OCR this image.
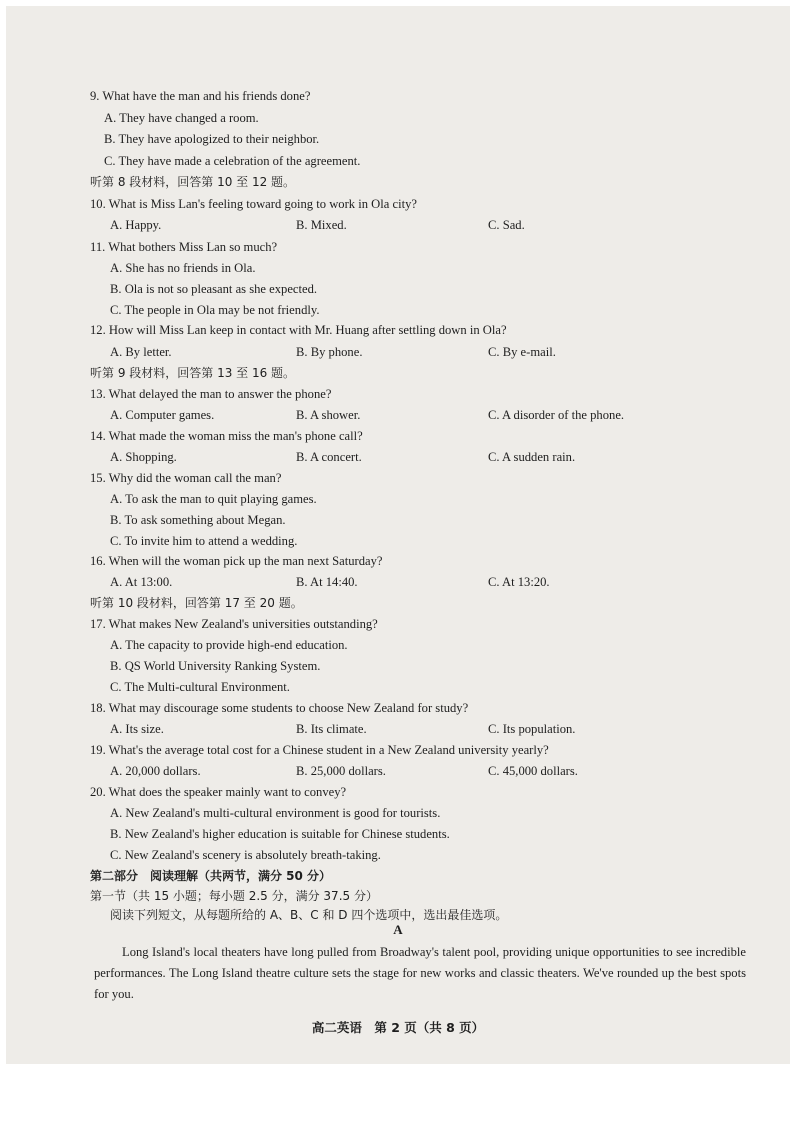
9. What have the man and his friends done?
A. They have changed a room.
B. They have apologized to their neighbor.
C. They have made a celebration of the agreement.
听第 8 段材料，回答第 10 至 12 题。
10. What is Miss Lan's feeling toward going to work in Ola city?
A. Happy.	B. Mixed.	C. Sad.
11. What bothers Miss Lan so much?
A. She has no friends in Ola.
B. Ola is not so pleasant as she expected.
C. The people in Ola may be not friendly.
12. How will Miss Lan keep in contact with Mr. Huang after settling down in Ola?
A. By letter.	B. By phone.	C. By e-mail.
听第 9 段材料，回答第 13 至 16 题。
13. What delayed the man to answer the phone?
A. Computer games.	B. A shower.	C. A disorder of the phone.
14. What made the woman miss the man's phone call?
A. Shopping.	B. A concert.	C. A sudden rain.
15. Why did the woman call the man?
A. To ask the man to quit playing games.
B. To ask something about Megan.
C. To invite him to attend a wedding.
16. When will the woman pick up the man next Saturday?
A. At 13:00.	B. At 14:40.	C. At 13:20.
听第 10 段材料，回答第 17 至 20 题。
17. What makes New Zealand's universities outstanding?
A. The capacity to provide high-end education.
B. QS World University Ranking System.
C. The Multi-cultural Environment.
18. What may discourage some students to choose New Zealand for study?
A. Its size.	B. Its climate.	C. Its population.
19. What's the average total cost for a Chinese student in a New Zealand university yearly?
A. 20,000 dollars.	B. 25,000 dollars.	C. 45,000 dollars.
20. What does the speaker mainly want to convey?
A. New Zealand's multi-cultural environment is good for tourists.
B. New Zealand's higher education is suitable for Chinese students.
C. New Zealand's scenery is absolutely breath-taking.
第二部分　阅读理解（共两节，满分 50 分）
第一节（共 15 小题；每小题 2.5 分，满分 37.5 分）
阅读下列短文，从每题所给的 A、B、C 和 D 四个选项中，选出最佳选项。
A
Long Island's local theaters have long pulled from Broadway's talent pool, providing unique opportunities to see incredible performances. The Long Island theatre culture sets the stage for new works and classic theaters. We've rounded up the best spots for you.
高二英语　第 2 页（共 8 页）
